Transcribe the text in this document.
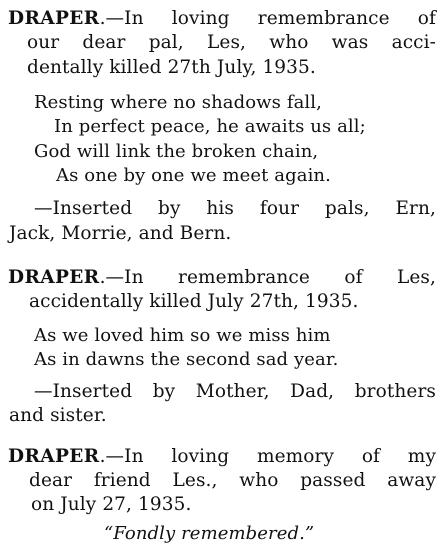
DRAPER.—In loving remembrance of
our dear pal, Les, who was acci-
dentally killed 27th July, 1935.
Resting where no shadows fall,
In perfect peace, he awaits us all;
God will link the broken chain,
As one by one we meet again.
—Inserted by his four pals, Ern,
Jack, Morrie, and Bern.
DRAPER.—In remembrance of Les,
accidentally killed July 27th, 1935.
As we loved him so we miss him
As in dawns the second sad year.
—Inserted by Mother, Dad, brothers
and sister.
DRAPER.—In loving memory of my
dear friend Les., who passed away
on July 27, 1935.
“Fondly remembered.”
